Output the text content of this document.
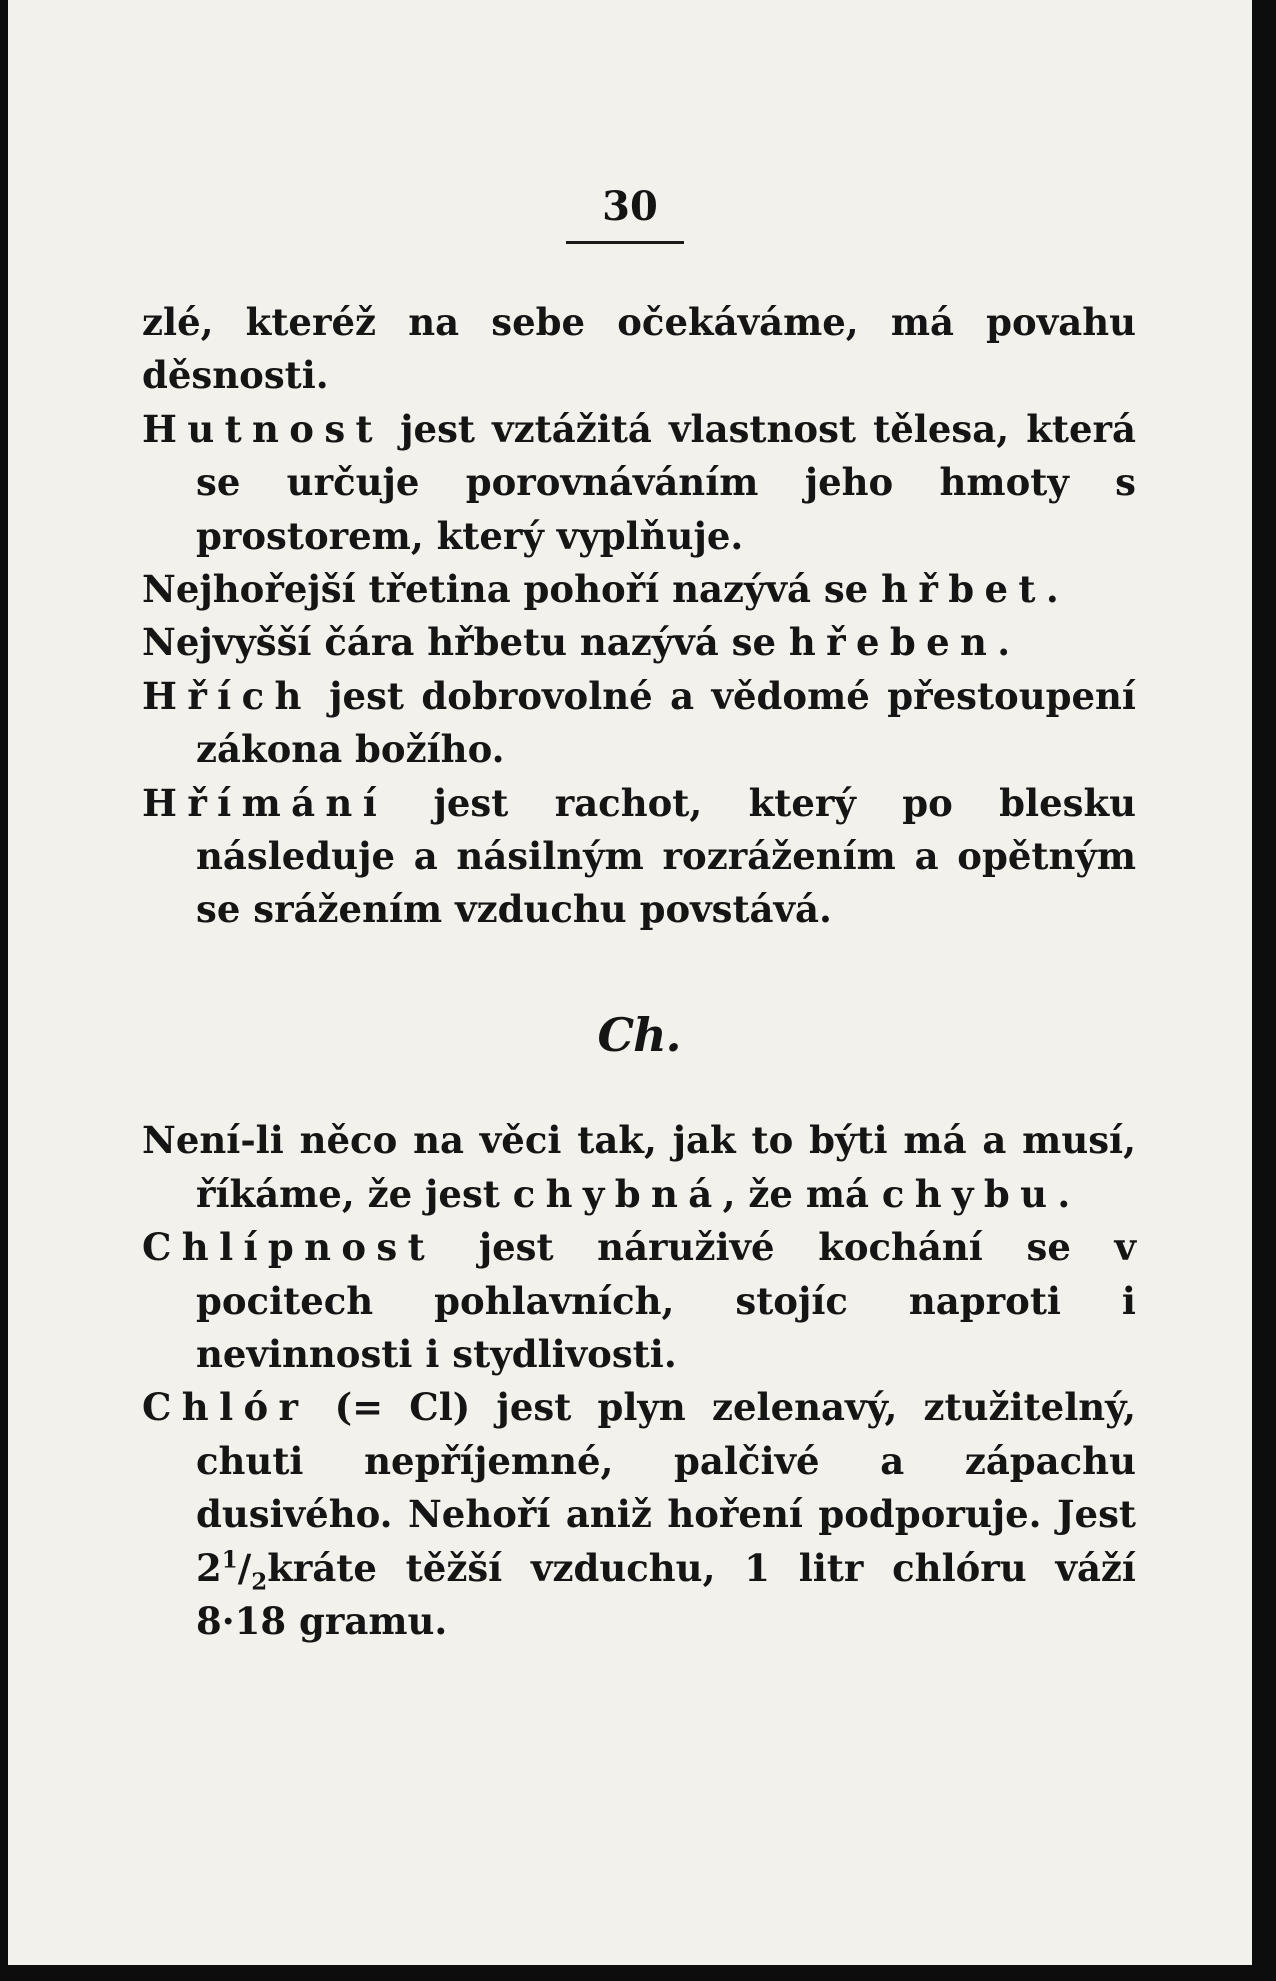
30

zlé, kteréž na sebe očekáváme, má povahu děsnosti.

Hutnost jest vztážitá vlastnost tělesa, která se určuje porovnáváním jeho hmoty s prostorem, který vyplňuje.

Nejhořejší třetina pohoří nazývá se hřbet.

Nejvyšší čára hřbetu nazývá se hřeben.

Hřích jest dobrovolné a vědomé přestoupení zákona božího.

Hřímání jest rachot, který po blesku následuje a násilným rozrážením a opětným se srážením vzduchu povstává.

Ch.

Není-li něco na věci tak, jak to býti má a musí, říkáme, že jest chybná, že má chybu.

Chlípnost jest náruživé kochání se v pocitech pohlavních, stojíc naproti i nevinnosti i stydlivosti.

Chlór (= Cl) jest plyn zelenavý, ztužitelný, chuti nepříjemné, palčivé a zápachu dusivého. Nehoří aniž hoření podporuje. Jest $2^1/_2kráte$ těžší vzduchu, 1 litr chlóru váží 8·18 gramu.
